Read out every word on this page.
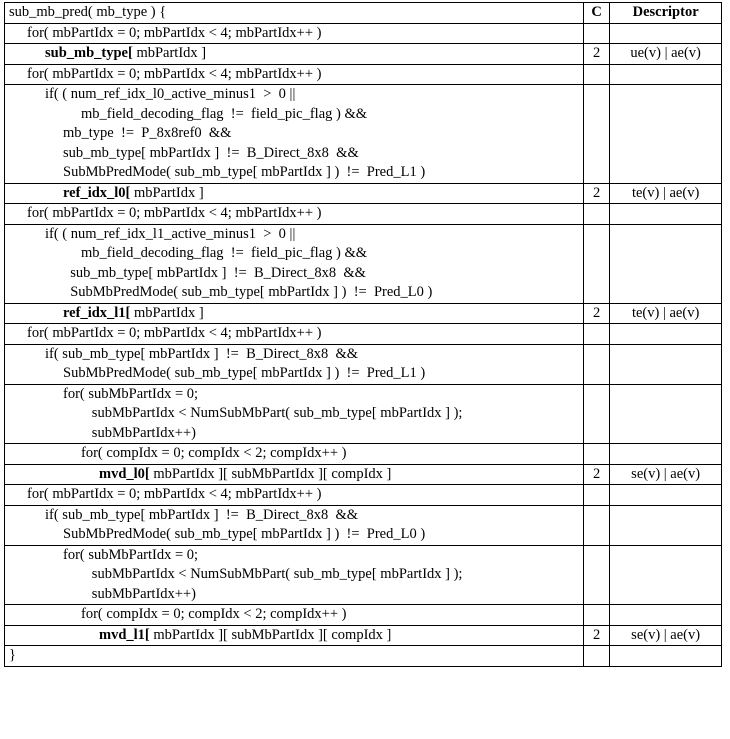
sub_mb_pred( mb_type ) {	C	Descriptor

for( mbPartIdx = 0; mbPartIdx < 4; mbPartIdx++ )		

sub_mb_type[ mbPartIdx ]	2	ue(v) | ae(v)

for( mbPartIdx = 0; mbPartIdx < 4; mbPartIdx++ )		

if( ( num_ref_idx_l0_active_minus1  >  0 ||
mb_field_decoding_flag  !=  field_pic_flag ) &&
mb_type  !=  P_8x8ref0  &&
sub_mb_type[ mbPartIdx ]  !=  B_Direct_8x8  &&
SubMbPredMode( sub_mb_type[ mbPartIdx ] )  !=  Pred_L1 )		

ref_idx_l0[ mbPartIdx ]	2	te(v) | ae(v)

for( mbPartIdx = 0; mbPartIdx < 4; mbPartIdx++ )		

if( ( num_ref_idx_l1_active_minus1  >  0 ||
mb_field_decoding_flag  !=  field_pic_flag ) &&
sub_mb_type[ mbPartIdx ]  !=  B_Direct_8x8  &&
SubMbPredMode( sub_mb_type[ mbPartIdx ] )  !=  Pred_L0 )		

ref_idx_l1[ mbPartIdx ]	2	te(v) | ae(v)

for( mbPartIdx = 0; mbPartIdx < 4; mbPartIdx++ )		

if( sub_mb_type[ mbPartIdx ]  !=  B_Direct_8x8  &&
SubMbPredMode( sub_mb_type[ mbPartIdx ] )  !=  Pred_L1 )		

for( subMbPartIdx = 0;
subMbPartIdx < NumSubMbPart( sub_mb_type[ mbPartIdx ] );
subMbPartIdx++)		

for( compIdx = 0; compIdx < 2; compIdx++ )		

mvd_l0[ mbPartIdx ][ subMbPartIdx ][ compIdx ]	2	se(v) | ae(v)

for( mbPartIdx = 0; mbPartIdx < 4; mbPartIdx++ )		

if( sub_mb_type[ mbPartIdx ]  !=  B_Direct_8x8  &&
SubMbPredMode( sub_mb_type[ mbPartIdx ] )  !=  Pred_L0 )		

for( subMbPartIdx = 0;
subMbPartIdx < NumSubMbPart( sub_mb_type[ mbPartIdx ] );
subMbPartIdx++)		

for( compIdx = 0; compIdx < 2; compIdx++ )		

mvd_l1[ mbPartIdx ][ subMbPartIdx ][ compIdx ]	2	se(v) | ae(v)

}		
